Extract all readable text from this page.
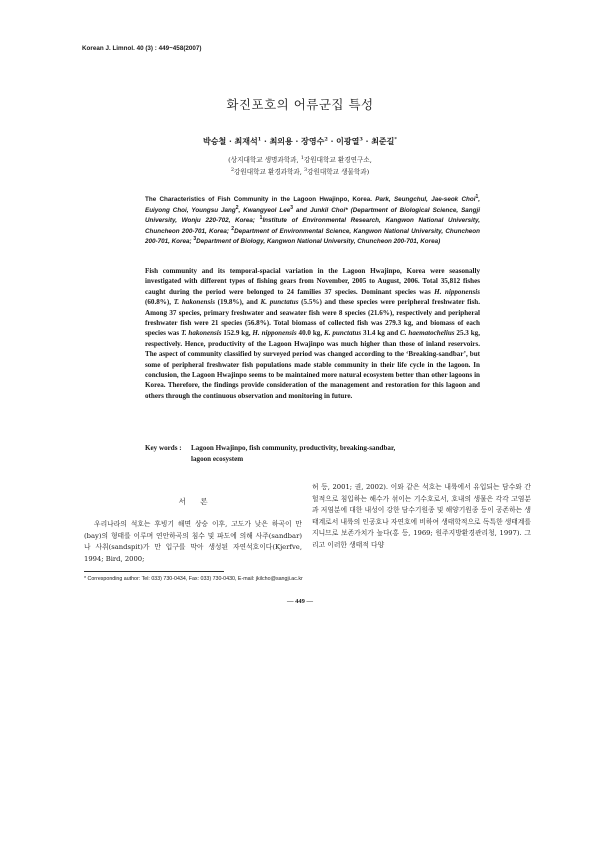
Korean J. Limnol. 40 (3) : 449~458(2007)
화진포호의 어류군집 특성
박승철 · 최재석$^1$ · 최의용 · 장영수$^2$ · 이광열$^3$ · 최준길*
(상지대학교 생명과학과, $^1$강원대학교 환경연구소,
$^2$강원대학교 환경과학과, $^3$강원대학교 생물학과)
The Characteristics of Fish Community in the Lagoon Hwajinpo, Korea. Park, Seungchul, Jae-seok Choi$^1$, Euiyong Choi, Youngsu Jang$^2$, Kwangyeol Lee$^3$ and Junkil Choi* (Department of Biological Science, Sangji University, Wonju 220-702, Korea; $^1$Institute of Environmental Research, Kangwon National University, Chuncheon 200-701, Korea; $^2$Department of Environmental Science, Kangwon National University, Chuncheon 200-701, Korea; $^3$Department of Biology, Kangwon National University, Chuncheon 200-701, Korea)

Fish community and its temporal-spacial variation in the Lagoon Hwajinpo, Korea were seasonally investigated with different types of fishing gears from November, 2005 to August, 2006. Total 35,812 fishes caught during the period were belonged to 24 families 37 species. Dominant species was H. nipponensis (60.8%), T. hakonensis (19.8%), and K. punctatus (5.5%) and these species were peripheral freshwater fish. Among 37 species, primary freshwater and seawater fish were 8 species (21.6%), respectively and peripheral freshwater fish were 21 species (56.8%). Total biomass of collected fish was 279.3 kg, and biomass of each species was T. hakonensis 152.9 kg, H. nipponensis 40.0 kg, K. punctatus 31.4 kg and C. haematochelius 25.3 kg, respectively. Hence, productivity of the Lagoon Hwajinpo was much higher than those of inland reservoirs. The aspect of community classified by surveyed period was changed according to the ‘Breaking-sandbar’, but some of peripheral freshwater fish populations made stable community in their life cycle in the lagoon. In conclusion, the Lagoon Hwajinpo seems to be maintained more natural ecosystem better than other lagoons in Korea. Therefore, the findings provide consideration of the management and restoration for this lagoon and others through the continuous observation and monitoring in future.

Key words : Lagoon Hwajinpo, fish community, productivity, breaking-sandbar,
lagoon ecosystem
서 론
우리나라의 석호는 후빙기 해면 상승 이후, 고도가 낮은 하곡이 만(bay)의 형태를 이루며 연안하곡의 침수 및 파도에 의해 사주(sandbar)나 사취(sandspit)가 만 입구를 막아 생성된 자연석호이다(Kjerfve, 1994; Bird, 2000;
허 등, 2001; 권, 2002). 이와 같은 석호는 내륙에서 유입되는 담수와 간헐적으로 침입하는 해수가 섞이는 기수호로서, 호내의 생물은 각각 고염분과 저염분에 대한 내성이 강한 담수기원종 및 해양기원종 등이 공존하는 생태계로서 내륙의 인공호나 자연호에 비하여 생태학적으로 독특한 생태계를 지니므로 보존가치가 높다(홍 등, 1969; 원주지방환경관리청, 1997). 그리고 이러한 생태적 다양
* Corresponding author: Tel: 033) 730-0434, Fax: 033) 730-0430, E-mail: jkilcho@sangji.ac.kr
— 449 —
